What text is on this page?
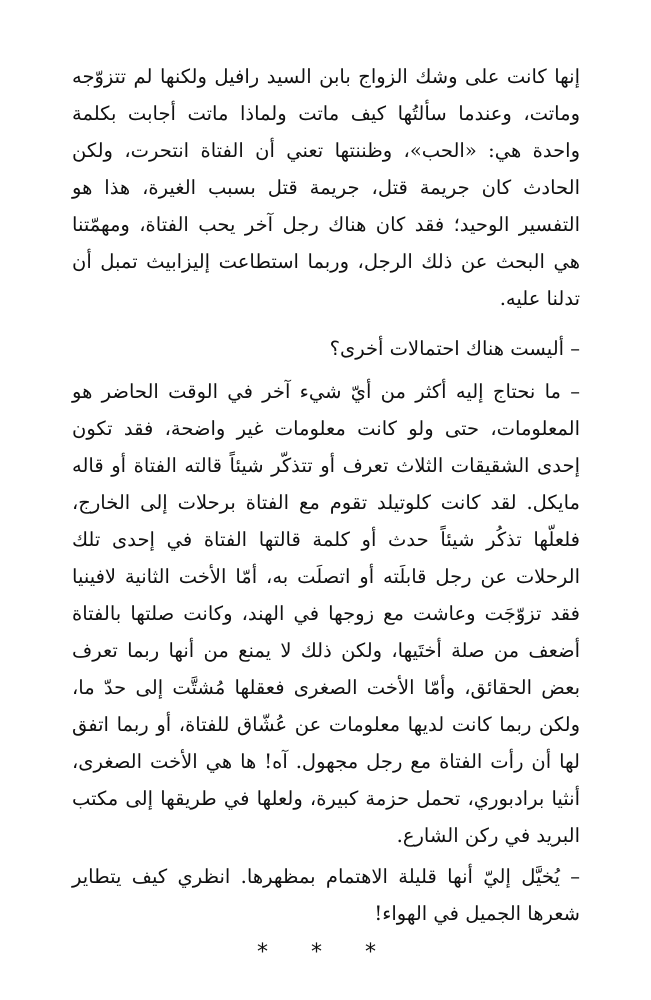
إنها كانت على وشك الزواج بابن السيد رافيل ولكنها لم تتزوّجه وماتت، وعندما سألتُها كيف ماتت ولماذا ماتت أجابت بكلمة واحدة هي: «الحب»، وظننتها تعني أن الفتاة انتحرت، ولكن الحادث كان جريمة قتل، جريمة قتل بسبب الغيرة، هذا هو التفسير الوحيد؛ فقد كان هناك رجل آخر يحب الفتاة، ومهمّتنا هي البحث عن ذلك الرجل، وربما استطاعت إليزابيث تمبل أن تدلنا عليه.

– أليست هناك احتمالات أخرى؟

– ما نحتاج إليه أكثر من أيّ شيء آخر في الوقت الحاضر هو المعلومات، حتى ولو كانت معلومات غير واضحة، فقد تكون إحدى الشقيقات الثلاث تعرف أو تتذكّر شيئاً قالته الفتاة أو قاله مايكل. لقد كانت كلوتيلد تقوم مع الفتاة برحلات إلى الخارج، فلعلّها تذكُر شيئاً حدث أو كلمة قالتها الفتاة في إحدى تلك الرحلات عن رجل قابلَته أو اتصلَت به، أمّا الأخت الثانية لافينيا فقد تزوّجَت وعاشت مع زوجها في الهند، وكانت صلتها بالفتاة أضعف من صلة أختَيها، ولكن ذلك لا يمنع من أنها ربما تعرف بعض الحقائق، وأمّا الأخت الصغرى فعقلها مُشتَّت إلى حدّ ما، ولكن ربما كانت لديها معلومات عن عُشّاق للفتاة، أو ربما اتفق لها أن رأت الفتاة مع رجل مجهول. آه! ها هي الأخت الصغرى، أنثيا برادبوري، تحمل حزمة كبيرة، ولعلها في طريقها إلى مكتب البريد في ركن الشارع.

– يُخيَّل إليّ أنها قليلة الاهتمام بمظهرها. انظري كيف يتطاير شعرها الجميل في الهواء!

* * *
